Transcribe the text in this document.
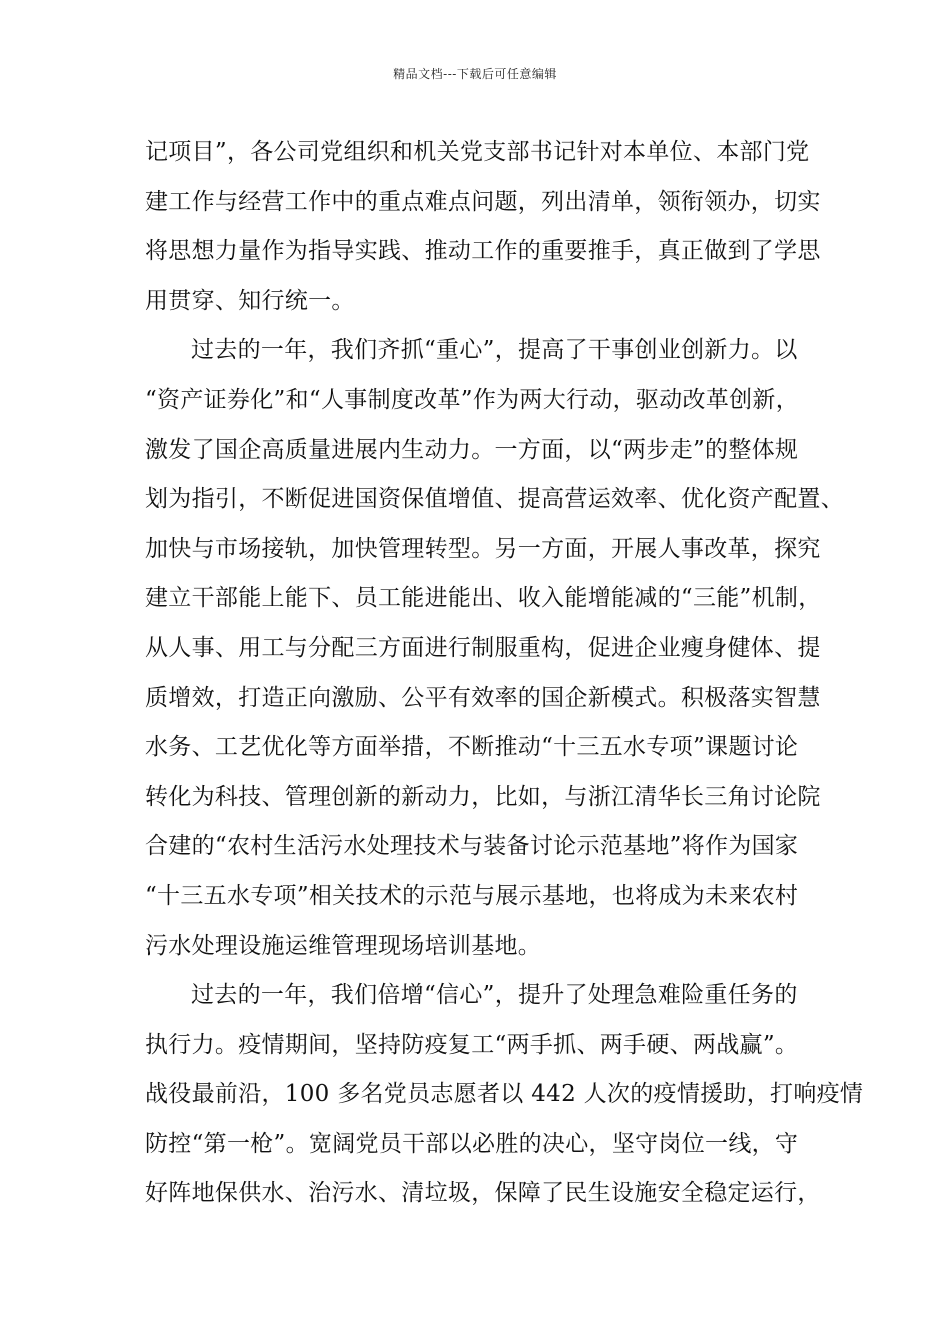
精品文档---下载后可任意编辑
记项目”，各公司党组织和机关党支部书记针对本单位、本部门党
建工作与经营工作中的重点难点问题，列出清单，领衔领办，切实
将思想力量作为指导实践、推动工作的重要推手，真正做到了学思
用贯穿、知行统一。
过去的一年，我们齐抓“重心”，提高了干事创业创新力。以
“资产证券化”和“人事制度改革”作为两大行动，驱动改革创新，
激发了国企高质量进展内生动力。一方面，以“两步走”的整体规
划为指引，不断促进国资保值增值、提高营运效率、优化资产配置、
加快与市场接轨，加快管理转型。另一方面，开展人事改革，探究
建立干部能上能下、员工能进能出、收入能增能减的“三能”机制，
从人事、用工与分配三方面进行制服重构，促进企业瘦身健体、提
质增效，打造正向激励、公平有效率的国企新模式。积极落实智慧
水务、工艺优化等方面举措，不断推动“十三五水专项”课题讨论
转化为科技、管理创新的新动力，比如，与浙江清华长三角讨论院
合建的“农村生活污水处理技术与装备讨论示范基地”将作为国家
“十三五水专项”相关技术的示范与展示基地，也将成为未来农村
污水处理设施运维管理现场培训基地。
过去的一年，我们倍增“信心”，提升了处理急难险重任务的
执行力。疫情期间，坚持防疫复工“两手抓、两手硬、两战赢”。
战役最前沿，100 多名党员志愿者以 442 人次的疫情援助，打响疫情
防控“第一枪”。宽阔党员干部以必胜的决心，坚守岗位一线，守
好阵地保供水、治污水、清垃圾，保障了民生设施安全稳定运行，
